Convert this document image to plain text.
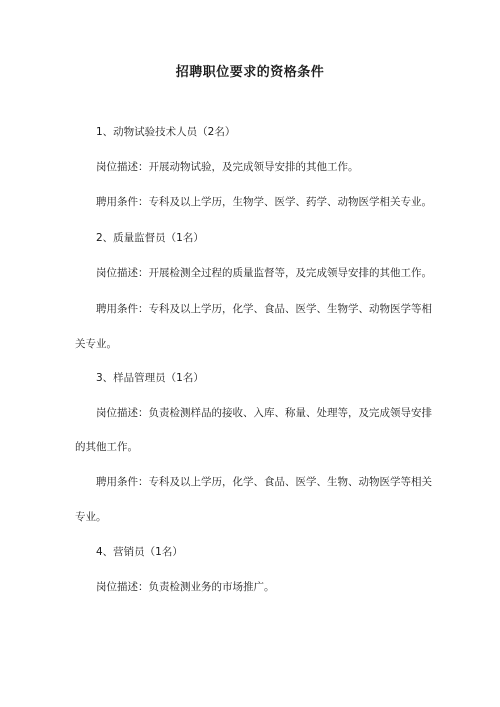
招聘职位要求的资格条件
1、动物试验技术人员（2名）
岗位描述：开展动物试验，及完成领导安排的其他工作。
聘用条件：专科及以上学历，生物学、医学、药学、动物医学相关专业。
2、质量监督员（1名）
岗位描述：开展检测全过程的质量监督等，及完成领导安排的其他工作。
聘用条件：专科及以上学历，化学、食品、医学、生物学、动物医学等相
关专业。
3、样品管理员（1名）
岗位描述：负责检测样品的接收、入库、称量、处理等，及完成领导安排
的其他工作。
聘用条件：专科及以上学历，化学、食品、医学、生物、动物医学等相关
专业。
4、营销员（1名）
岗位描述：负责检测业务的市场推广。
